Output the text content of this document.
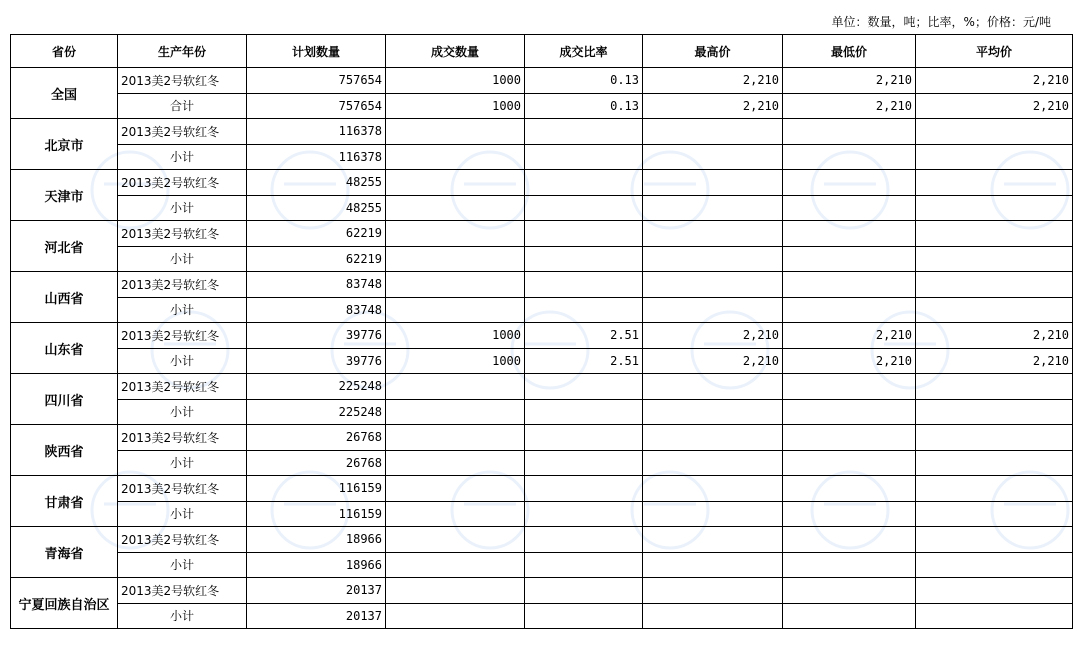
单位：数量，吨；比率，%；价格：元/吨
省份	生产年份	计划数量	成交数量	成交比率	最高价	最低价	平均价
全国	2013美2号软红冬	757654	1000	0.13	2,210	2,210	2,210
	合计	757654	1000	0.13	2,210	2,210	2,210
北京市	2013美2号软红冬	116378					
	小计	116378					
天津市	2013美2号软红冬	48255					
	小计	48255					
河北省	2013美2号软红冬	62219					
	小计	62219					
山西省	2013美2号软红冬	83748					
	小计	83748					
山东省	2013美2号软红冬	39776	1000	2.51	2,210	2,210	2,210
	小计	39776	1000	2.51	2,210	2,210	2,210
四川省	2013美2号软红冬	225248					
	小计	225248					
陕西省	2013美2号软红冬	26768					
	小计	26768					
甘肃省	2013美2号软红冬	116159					
	小计	116159					
青海省	2013美2号软红冬	18966					
	小计	18966					
宁夏回族自治区	2013美2号软红冬	20137					
	小计	20137					
